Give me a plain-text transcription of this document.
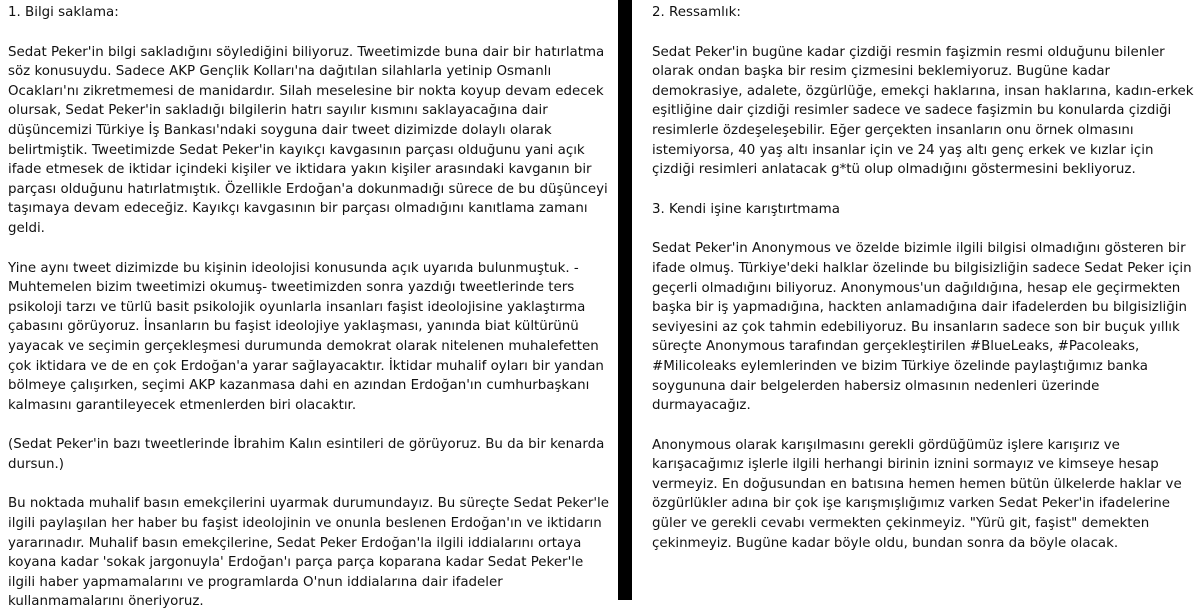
1. Bilgi saklama:
Sedat Peker'in bilgi sakladığını söylediğini biliyoruz. Tweetimizde buna dair bir hatırlatma söz konusuydu. Sadece AKP Gençlik Kolları'na dağıtılan silahlarla yetinip Osmanlı Ocakları'nı zikretmemesi de manidardır. Silah meselesine bir nokta koyup devam edecek olursak, Sedat Peker'in sakladığı bilgilerin hatrı sayılır kısmını saklayacağına dair düşüncemizi Türkiye İş Bankası'ndaki soyguna dair tweet dizimizde dolaylı olarak belirtmiştik. Tweetimizde Sedat Peker'in kayıkçı kavgasının parçası olduğunu yani açık ifade etmesek de iktidar içindeki kişiler ve iktidara yakın kişiler arasındaki kavganın bir parçası olduğunu hatırlatmıştık. Özellikle Erdoğan'a dokunmadığı sürece de bu düşünceyi taşımaya devam edeceğiz. Kayıkçı kavgasının bir parçası olmadığını kanıtlama zamanı geldi.
Yine aynı tweet dizimizde bu kişinin ideolojisi konusunda açık uyarıda bulunmuştuk. -Muhtemelen bizim tweetimizi okumuş- tweetimizden sonra yazdığı tweetlerinde ters psikoloji tarzı ve türlü basit psikolojik oyunlarla insanları faşist ideolojisine yaklaştırma çabasını görüyoruz. İnsanların bu faşist ideolojiye yaklaşması, yanında biat kültürünü yayacak ve seçimin gerçekleşmesi durumunda demokrat olarak nitelenen muhalefetten çok iktidara ve de en çok Erdoğan'a yarar sağlayacaktır. İktidar muhalif oyları bir yandan bölmeye çalışırken, seçimi AKP kazanmasa dahi en azından Erdoğan'ın cumhurbaşkanı kalmasını garantileyecek etmenlerden biri olacaktır.
(Sedat Peker'in bazı tweetlerinde İbrahim Kalın esintileri de görüyoruz. Bu da bir kenarda dursun.)
Bu noktada muhalif basın emekçilerini uyarmak durumundayız. Bu süreçte Sedat Peker'le ilgili paylaşılan her haber bu faşist ideolojinin ve onunla beslenen Erdoğan'ın ve iktidarın yararınadır. Muhalif basın emekçilerine, Sedat Peker Erdoğan'la ilgili iddialarını ortaya koyana kadar 'sokak jargonuyla' Erdoğan'ı parça parça koparana kadar Sedat Peker'le ilgili haber yapmamalarını ve programlarda O'nun iddialarına dair ifadeler kullanmamalarını öneriyoruz.
2. Ressamlık:
Sedat Peker'in bugüne kadar çizdiği resmin faşizmin resmi olduğunu bilenler olarak ondan başka bir resim çizmesini beklemiyoruz. Bugüne kadar demokrasiye, adalete, özgürlüğe, emekçi haklarına, insan haklarına, kadın-erkek eşitliğine dair çizdiği resimler sadece ve sadece faşizmin bu konularda çizdiği resimlerle özdeşeleşebilir. Eğer gerçekten insanların onu örnek olmasını istemiyorsa, 40 yaş altı insanlar için ve 24 yaş altı genç erkek ve kızlar için çizdiği resimleri anlatacak g*tü olup olmadığını göstermesini bekliyoruz.
3. Kendi işine karıştırtmama
Sedat Peker'in Anonymous ve özelde bizimle ilgili bilgisi olmadığını gösteren bir ifade olmuş. Türkiye'deki halklar özelinde bu bilgisizliğin sadece Sedat Peker için geçerli olmadığını biliyoruz. Anonymous'un dağıldığına, hesap ele geçirmekten başka bir iş yapmadığına, hackten anlamadığına dair ifadelerden bu bilgisizliğin seviyesini az çok tahmin edebiliyoruz. Bu insanların sadece son bir buçuk yıllık süreçte Anonymous tarafından gerçekleştirilen #BlueLeaks, #Pacoleaks, #Milicoleaks eylemlerinden ve bizim Türkiye özelinde paylaştığımız banka soygununa dair belgelerden habersiz olmasının nedenleri üzerinde durmayacağız.
Anonymous olarak karışılmasını gerekli gördüğümüz işlere karışırız ve karışacağımız işlerle ilgili herhangi birinin iznini sormayız ve kimseye hesap vermeyiz. En doğusundan en batısına hemen hemen bütün ülkelerde haklar ve özgürlükler adına bir çok işe karışmışlığımız varken Sedat Peker'in ifadelerine güler ve gerekli cevabı vermekten çekinmeyiz. "Yürü git, faşist" demekten çekinmeyiz. Bugüne kadar böyle oldu, bundan sonra da böyle olacak.
